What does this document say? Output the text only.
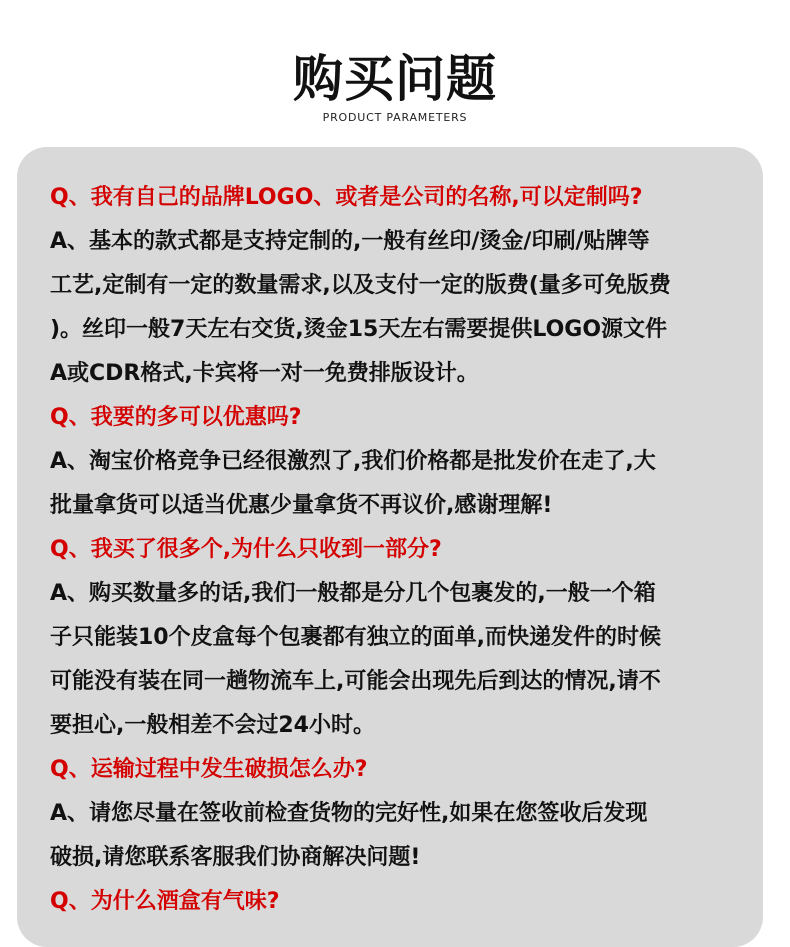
购买问题
PRODUCT PARAMETERS

Q、我有自己的品牌LOGO、或者是公司的名称,可以定制吗?

A、基本的款式都是支持定制的,一般有丝印/烫金/印刷/贴牌等

工艺,定制有一定的数量需求,以及支付一定的版费(量多可免版费

)。丝印一般7天左右交货,烫金15天左右需要提供LOGO源文件

A或CDR格式,卡宾将一对一免费排版设计。

Q、我要的多可以优惠吗?

A、淘宝价格竞争已经很激烈了,我们价格都是批发价在走了,大

批量拿货可以适当优惠少量拿货不再议价,感谢理解!

Q、我买了很多个,为什么只收到一部分?

A、购买数量多的话,我们一般都是分几个包裹发的,一般一个箱

子只能装10个皮盒每个包裹都有独立的面单,而快递发件的时候

可能没有装在同一趟物流车上,可能会出现先后到达的情况,请不

要担心,一般相差不会过24小时。

Q、运输过程中发生破损怎么办?

A、请您尽量在签收前检查货物的完好性,如果在您签收后发现

破损,请您联系客服我们协商解决问题!

Q、为什么酒盒有气味?
